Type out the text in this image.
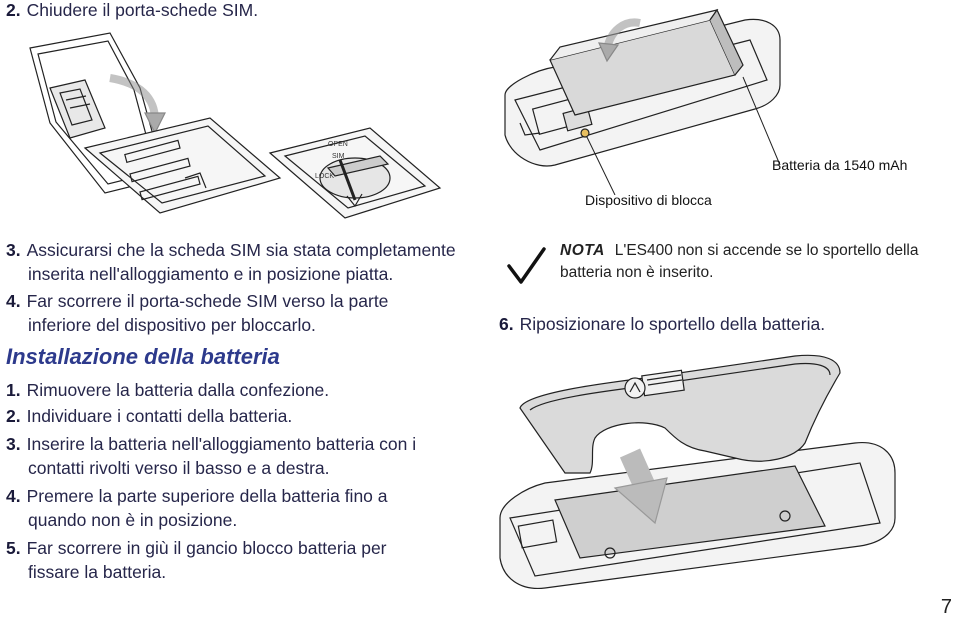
2. Chiudere il porta-schede SIM.
OPEN
SIM
LOCK
Batteria da 1540 mAh
Dispositivo di blocca
3. Assicurarsi che la scheda SIM sia stata completamente
inserita nell'alloggiamento e in posizione piatta.
4. Far scorrere il porta-schede SIM verso la parte
inferiore del dispositivo per bloccarlo.
Installazione della batteria
1. Rimuovere la batteria dalla confezione.
2. Individuare i contatti della batteria.
3. Inserire la batteria nell'alloggiamento batteria con i
contatti rivolti verso il basso e a destra.
4. Premere la parte superiore della batteria fino a
quando non è in posizione.
5. Far scorrere in giù il gancio blocco batteria per
fissare la batteria.
NOTA L'ES400 non si accende se lo sportello della
batteria non è inserito.
6. Riposizionare lo sportello della batteria.
7
